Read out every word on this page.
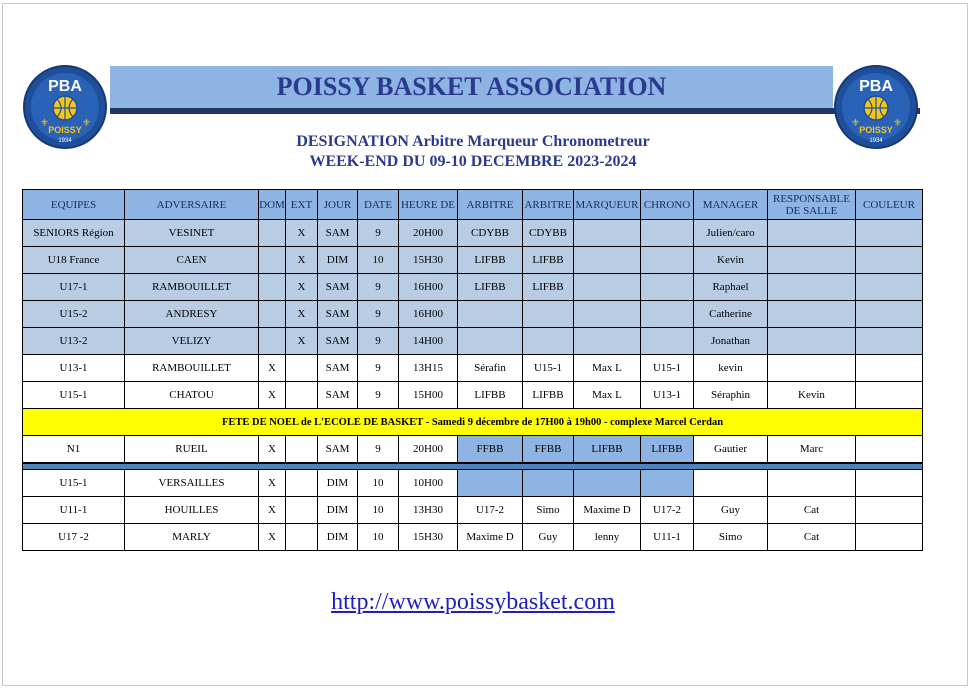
PBA
POISSY
1934
⚜	⚜
POISSY BASKET ASSOCIATION	PBA
POISSY
1934
⚜	⚜
DESIGNATION Arbitre Marqueur Chronometreur
WEEK-END DU 09-10 DECEMBRE 2023-2024
EQUIPES	ADVERSAIRE	DOM	EXT	JOUR	DATE	HEURE DE	ARBITRE	ARBITRE	MARQUEUR	CHRONO	MANAGER	RESPONSABLE DE SALLE	COULEUR
SENIORS Région	VESINET		X	SAM	9	20H00	CDYBB	CDYBB			Julien/caro		
U18 France	CAEN		X	DIM	10	15H30	LIFBB	LIFBB			Kevin		
U17-1	RAMBOUILLET		X	SAM	9	16H00	LIFBB	LIFBB			Raphael		
U15-2	ANDRESY		X	SAM	9	16H00					Catherine		
U13-2	VELIZY		X	SAM	9	14H00					Jonathan		
U13-1	RAMBOUILLET	X		SAM	9	13H15	Sérafin	U15-1	Max L	U15-1	kevin		
U15-1	CHATOU	X		SAM	9	15H00	LIFBB	LIFBB	Max L	U13-1	Séraphin	Kevin	
FETE DE NOEL de L'ECOLE DE BASKET - Samedi 9 décembre de 17H00 à 19h00 - complexe Marcel Cerdan													
N1	RUEIL	X		SAM	9	20H00	FFBB	FFBB	LIFBB	LIFBB	Gautier	Marc	

U15-1	VERSAILLES	X		DIM	10	10H00							
U11-1	HOUILLES	X		DIM	10	13H30	U17-2	Simo	Maxime D	U17-2	Guy	Cat	
U17 -2	MARLY	X		DIM	10	15H30	Maxime D	Guy	lenny	U11-1	Simo	Cat	
http://www.poissybasket.com
